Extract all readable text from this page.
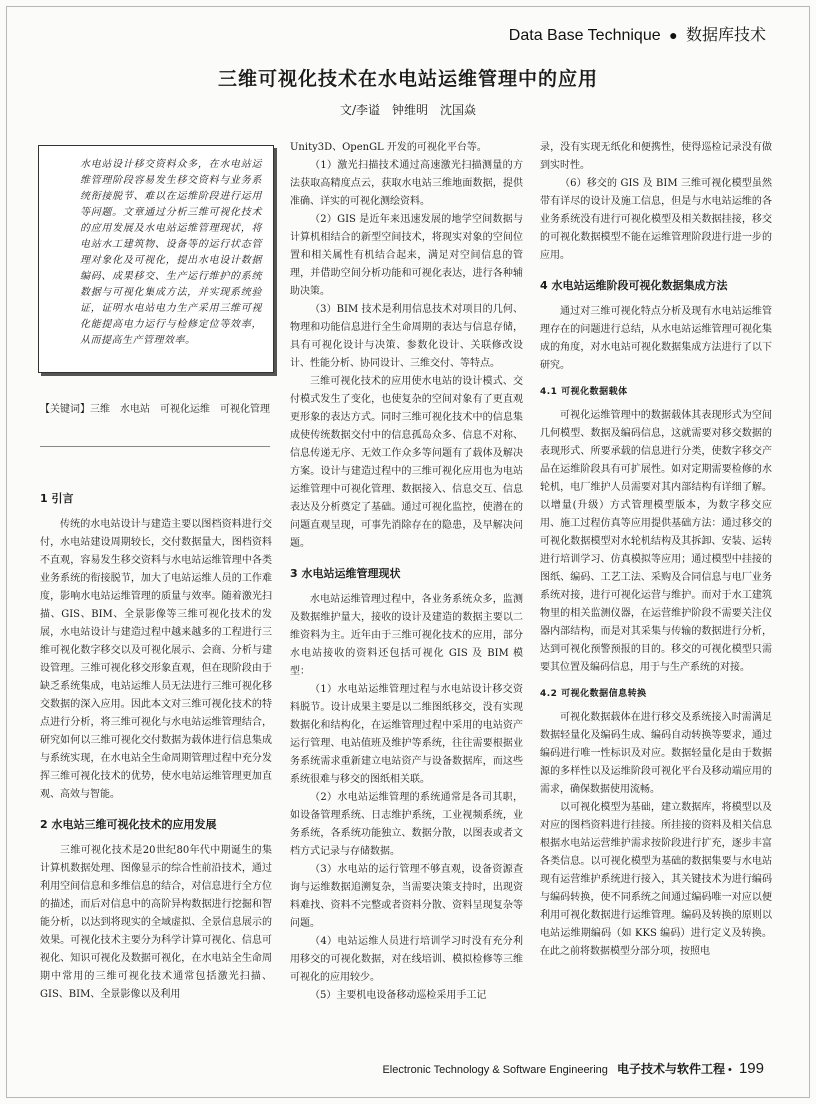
Data Base Technique ● 数据库技术
三维可视化技术在水电站运维管理中的应用
文/李谥　钟维明　沈国焱
水电站设计移交资料众多，在水电站运维管理阶段容易发生移交资料与业务系统衔接脱节、难以在运维阶段进行运用等问题。文章通过分析三维可视化技术的应用发展及水电站运维管理现状，将电站水工建筑物、设备等的运行状态管理对象化及可视化，提出水电设计数据编码、成果移交、生产运行维护的系统数据与可视化集成方法，并实现系统验证，证明水电站电力生产采用三维可视化能提高电力运行与检修定位等效率，从而提高生产管理效率。
【关键词】三维　水电站　可视化运维　可视化管理
1 引言

传统的水电站设计与建造主要以图档资料进行交付，水电站建设周期较长，交付数据量大，图档资料不直观，容易发生移交资料与水电站运维管理中各类业务系统的衔接脱节，加大了电站运维人员的工作难度，影响水电站运维管理的质量与效率。随着激光扫描、GIS、BIM、全景影像等三维可视化技术的发展，水电站设计与建造过程中越来越多的工程进行三维可视化数字移交以及可视化展示、会商、分析与建设管理。三维可视化移交形象直观，但在现阶段由于缺乏系统集成，电站运维人员无法进行三维可视化移交数据的深入应用。因此本文对三维可视化技术的特点进行分析，将三维可视化与水电站运维管理结合，研究如何以三维可视化交付数据为载体进行信息集成与系统实现，在水电站全生命周期管理过程中充分发挥三维可视化技术的优势，使水电站运维管理更加直观、高效与智能。

2 水电站三维可视化技术的应用发展

三维可视化技术是20世纪80年代中期诞生的集计算机数据处理、图像显示的综合性前沿技术，通过利用空间信息和多维信息的结合，对信息进行全方位的描述，而后对信息中的高阶异构数据进行挖掘和智能分析，以达到将现实的全域虚拟、全景信息展示的效果。可视化技术主要分为科学计算可视化、信息可视化、知识可视化及数据可视化，在水电站全生命周期中常用的三维可视化技术通常包括激光扫描、GIS、BIM、全景影像以及利用

Unity3D、OpenGL 开发的可视化平台等。

（1）激光扫描技术通过高速激光扫描测量的方法获取高精度点云，获取水电站三维地面数据，提供准确、详实的可视化测绘资料。

（2）GIS 是近年来迅速发展的地学空间数据与计算机相结合的新型空间技术，将现实对象的空间位置和相关属性有机结合起来，满足对空间信息的管理，并借助空间分析功能和可视化表达，进行各种辅助决策。

（3）BIM 技术是利用信息技术对项目的几何、物理和功能信息进行全生命周期的表达与信息存储，具有可视化设计与决策、参数化设计、关联修改设计、性能分析、协同设计、三维交付、等特点。

三维可视化技术的应用使水电站的设计模式、交付模式发生了变化，也使复杂的空间对象有了更直观更形象的表达方式。同时三维可视化技术中的信息集成使传统数据交付中的信息孤岛众多、信息不对称、信息传递无序、无效工作众多等问题有了载体及解决方案。设计与建造过程中的三维可视化应用也为电站运维管理中可视化管理、数据接入、信息交互、信息表达及分析奠定了基础。通过可视化监控，使潜在的问题直观呈现，可事先消除存在的隐患，及早解决问题。

3 水电站运维管理现状

水电站运维管理过程中，各业务系统众多，监测及数据维护量大，接收的设计及建造的数据主要以二维资料为主。近年由于三维可视化技术的应用，部分水电站接收的资料还包括可视化 GIS 及 BIM 模型：

（1）水电站运维管理过程与水电站设计移交资料脱节。设计成果主要是以二维图纸移交，没有实现数据化和结构化，在运维管理过程中采用的电站资产运行管理、电站值班及维护等系统，往往需要根据业务系统需求重新建立电站资产与设备数据库，而这些系统很难与移交的图纸相关联。

（2）水电站运维管理的系统通常是各司其职，如设备管理系统、日志维护系统，工业视频系统，业务系统，各系统功能独立、数据分散，以图表或者文档方式记录与存储数据。

（3）水电站的运行管理不够直观，设备资源查询与运维数据追溯复杂，当需要决策支持时，出现资料难找、资料不完整或者资料分散、资料呈现复杂等问题。

（4）电站运维人员进行培训学习时没有充分利用移交的可视化数据，对在线培训、模拟检修等三维可视化的应用较少。

（5）主要机电设备移动巡检采用手工记

录，没有实现无纸化和便携性，使得巡检记录没有做到实时性。

（6）移交的 GIS 及 BIM 三维可视化模型虽然带有详尽的设计及施工信息，但是与水电站运维的各业务系统没有进行可视化模型及相关数据挂接，移交的可视化数据模型不能在运维管理阶段进行进一步的应用。

4 水电站运维阶段可视化数据集成方法

通过对三维可视化特点分析及现有水电站运维管理存在的问题进行总结，从水电站运维管理可视化集成的角度，对水电站可视化数据集成方法进行了以下研究。

4.1 可视化数据载体

可视化运维管理中的数据载体其表现形式为空间几何模型、数据及编码信息，这就需要对移交数据的表现形式、所要承载的信息进行分类，使数字移交产品在运维阶段具有可扩展性。如对定期需要检修的水轮机，电厂维护人员需要对其内部结构有详细了解。以增量(升级）方式管理模型版本，为数字移交应用、施工过程仿真等应用提供基础方法：通过移交的可视化数据模型对水轮机结构及其拆卸、安装、运转进行培训学习、仿真模拟等应用；通过模型中挂接的图纸、编码、工艺工法、采购及合同信息与电厂业务系统对接，进行可视化运营与维护。而对于水工建筑物里的相关监测仪器，在运营维护阶段不需要关注仪器内部结构，而是对其采集与传输的数据进行分析，达到可视化预警预报的目的。移交的可视化模型只需要其位置及编码信息，用于与生产系统的对接。

4.2 可视化数据信息转换

可视化数据载体在进行移交及系统接入时需满足数据轻量化及编码生成、编码自动转换等要求，通过编码进行唯一性标识及对应。数据轻量化是由于数据源的多样性以及运维阶段可视化平台及移动端应用的需求，确保数据使用流畅。

以可视化模型为基础，建立数据库，将模型以及对应的图档资料进行挂接。所挂接的资料及相关信息根据水电站运营维护需求按阶段进行扩充，逐步丰富各类信息。以可视化模型为基础的数据集要与水电站现有运营维护系统进行接入，其关键技术为进行编码与编码转换，使不同系统之间通过编码唯一对应以便利用可视化数据进行运维管理。编码及转换的原则以电站运维期编码（如 KKS 编码）进行定义及转换。在此之前将数据模型分部分项，按照电

Electronic Technology & Software Engineering 电子技术与软件工程 • 199
